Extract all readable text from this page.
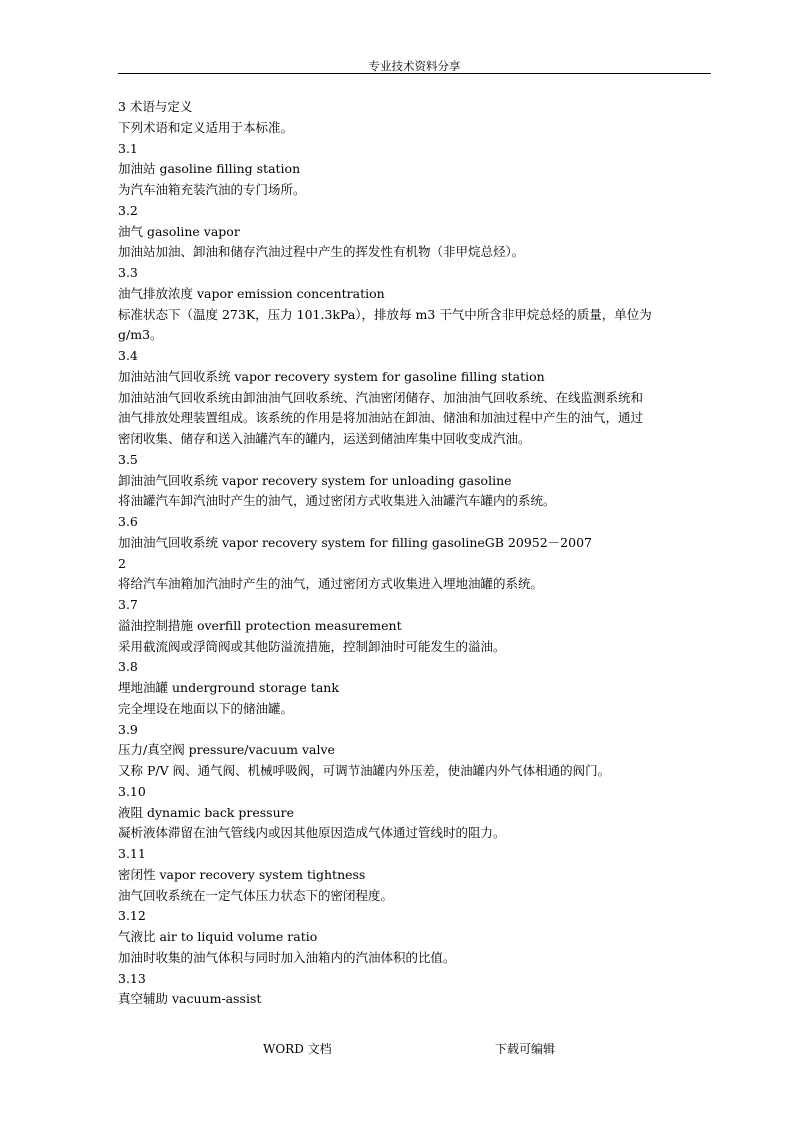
专业技术资料分享
3 术语与定义
下列术语和定义适用于本标准。
3.1
加油站 gasoline filling station
为汽车油箱充装汽油的专门场所。
3.2
油气 gasoline vapor
加油站加油、卸油和储存汽油过程中产生的挥发性有机物（非甲烷总烃）。
3.3
油气排放浓度 vapor emission concentration
标准状态下（温度 273K，压力 101.3kPa），排放每 m3 干气中所含非甲烷总烃的质量，单位为
g/m3。
3.4
加油站油气回收系统 vapor recovery system for gasoline filling station
加油站油气回收系统由卸油油气回收系统、汽油密闭储存、加油油气回收系统、在线监测系统和
油气排放处理装置组成。该系统的作用是将加油站在卸油、储油和加油过程中产生的油气，通过
密闭收集、储存和送入油罐汽车的罐内，运送到储油库集中回收变成汽油。
3.5
卸油油气回收系统 vapor recovery system for unloading gasoline
将油罐汽车卸汽油时产生的油气，通过密闭方式收集进入油罐汽车罐内的系统。
3.6
加油油气回收系统 vapor recovery system for filling gasolineGB 20952－2007
2
将给汽车油箱加汽油时产生的油气，通过密闭方式收集进入埋地油罐的系统。
3.7
溢油控制措施 overfill protection measurement
采用截流阀或浮筒阀或其他防溢流措施，控制卸油时可能发生的溢油。
3.8
埋地油罐 underground storage tank
完全埋设在地面以下的储油罐。
3.9
压力/真空阀 pressure/vacuum valve
又称 P/V 阀、通气阀、机械呼吸阀，可调节油罐内外压差，使油罐内外气体相通的阀门。
3.10
液阻 dynamic back pressure
凝析液体滞留在油气管线内或因其他原因造成气体通过管线时的阻力。
3.11
密闭性 vapor recovery system tightness
油气回收系统在一定气体压力状态下的密闭程度。
3.12
气液比 air to liquid volume ratio
加油时收集的油气体积与同时加入油箱内的汽油体积的比值。
3.13
真空辅助 vacuum-assist
WORD 文档	下载可编辑
